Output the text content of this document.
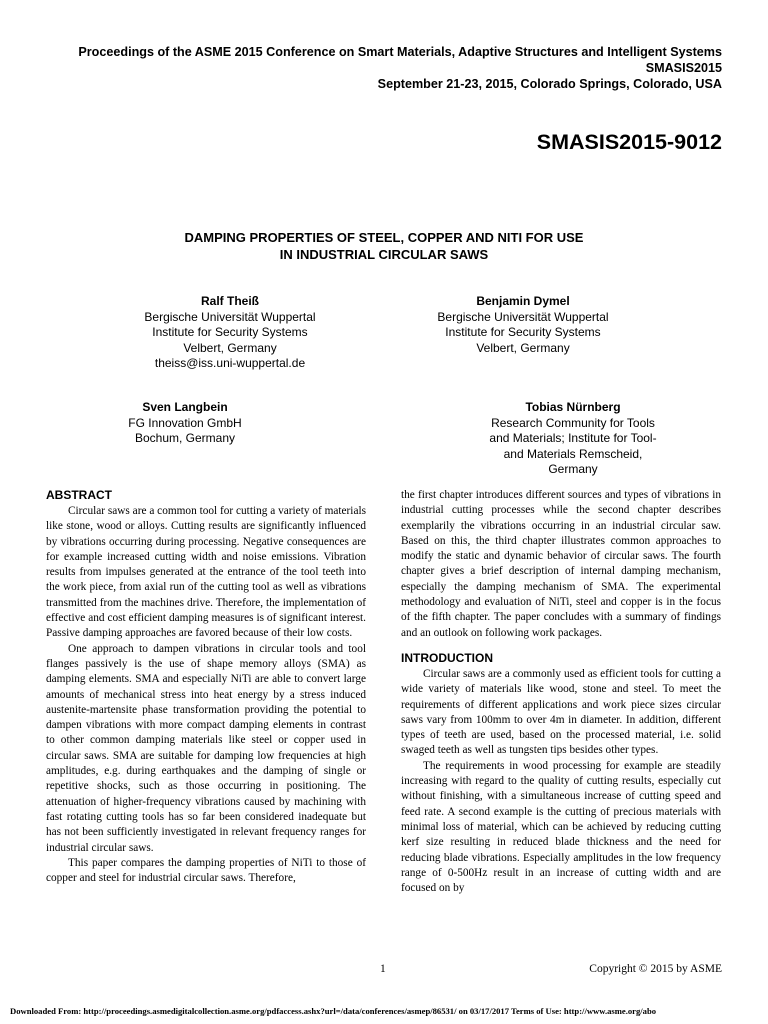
Proceedings of the ASME 2015 Conference on Smart Materials, Adaptive Structures and Intelligent Systems
SMASIS2015
September 21-23, 2015, Colorado Springs, Colorado, USA
SMASIS2015-9012
DAMPING PROPERTIES OF STEEL, COPPER AND NITI FOR USE
IN INDUSTRIAL CIRCULAR SAWS
Ralf Theiß
Bergische Universität Wuppertal
Institute for Security Systems
Velbert, Germany
theiss@iss.uni-wuppertal.de
Benjamin Dymel
Bergische Universität Wuppertal
Institute for Security Systems
Velbert, Germany
Sven Langbein
FG Innovation GmbH
Bochum, Germany
Tobias Nürnberg
Research Community for Tools
and Materials; Institute for Tool-
and Materials Remscheid,
Germany
ABSTRACT

Circular saws are a common tool for cutting a variety of materials like stone, wood or alloys. Cutting results are significantly influenced by vibrations occurring during processing. Negative consequences are for example increased cutting width and noise emissions. Vibration results from impulses generated at the entrance of the tool teeth into the work piece, from axial run of the cutting tool as well as vibrations transmitted from the machines drive. Therefore, the implementation of effective and cost efficient damping measures is of significant interest. Passive damping approaches are favored because of their low costs.

One approach to dampen vibrations in circular tools and tool flanges passively is the use of shape memory alloys (SMA) as damping elements. SMA and especially NiTi are able to convert large amounts of mechanical stress into heat energy by a stress induced austenite-martensite phase transformation providing the potential to dampen vibrations with more compact damping elements in contrast to other common damping materials like steel or copper used in circular saws. SMA are suitable for damping low frequencies at high amplitudes, e.g. during earthquakes and the damping of single or repetitive shocks, such as those occurring in positioning. The attenuation of higher-frequency vibrations caused by machining with fast rotating cutting tools has so far been considered inadequate but has not been sufficiently investigated in relevant frequency ranges for industrial circular saws.

This paper compares the damping properties of NiTi to those of copper and steel for industrial circular saws. Therefore,

the first chapter introduces different sources and types of vibrations in industrial cutting processes while the second chapter describes exemplarily the vibrations occurring in an industrial circular saw. Based on this, the third chapter illustrates common approaches to modify the static and dynamic behavior of circular saws. The fourth chapter gives a brief description of internal damping mechanism, especially the damping mechanism of SMA. The experimental methodology and evaluation of NiTi, steel and copper is in the focus of the fifth chapter. The paper concludes with a summary of findings and an outlook on following work packages.

INTRODUCTION

Circular saws are a commonly used as efficient tools for cutting a wide variety of materials like wood, stone and steel. To meet the requirements of different applications and work piece sizes circular saws vary from 100mm to over 4m in diameter. In addition, different types of teeth are used, based on the processed material, i.e. solid swaged teeth as well as tungsten tips besides other types.

The requirements in wood processing for example are steadily increasing with regard to the quality of cutting results, especially cut without finishing, with a simultaneous increase of cutting speed and feed rate. A second example is the cutting of precious materials with minimal loss of material, which can be achieved by reducing cutting kerf size resulting in reduced blade thickness and the need for reducing blade vibrations. Especially amplitudes in the low frequency range of 0-500Hz result in an increase of cutting width and are focused on by

1	Copyright © 2015 by ASME
Downloaded From: http://proceedings.asmedigitalcollection.asme.org/pdfaccess.ashx?url=/data/conferences/asmep/86531/ on 03/17/2017 Terms of Use: http://www.asme.org/abo
